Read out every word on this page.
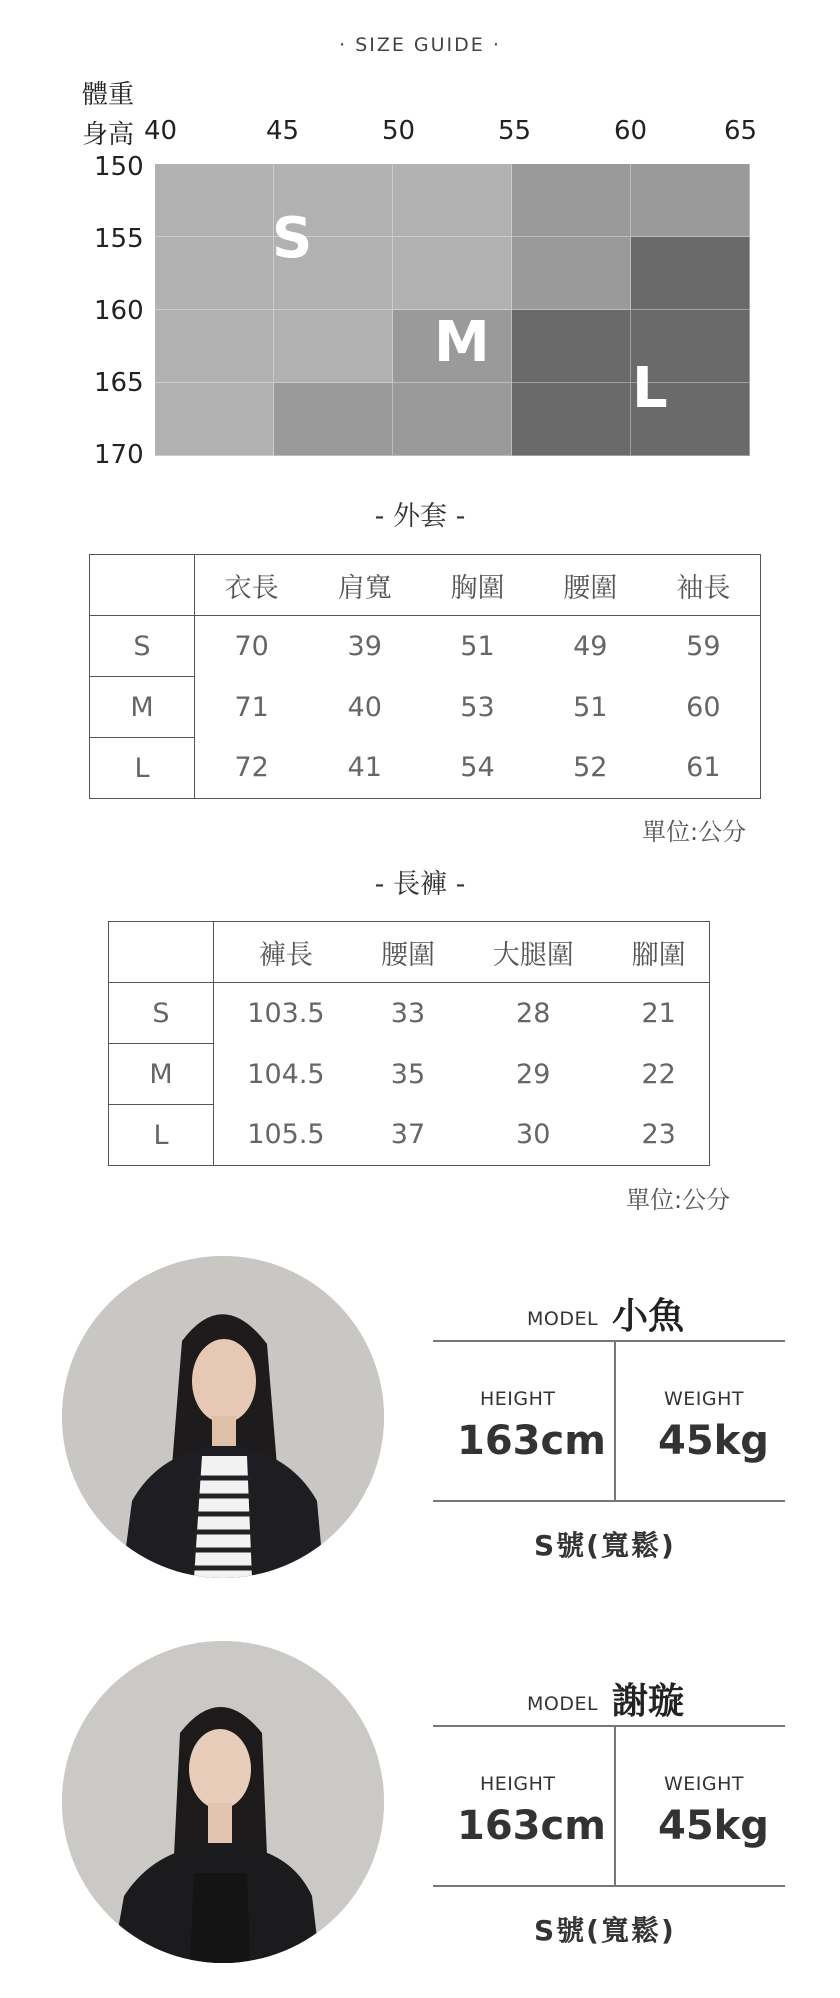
· SIZE GUIDE ·
體重
身高 40	45	50	55	60	65
150
155
160
165
170
S
M
L
- 外套 -
	衣長	肩寬	胸圍	腰圍	袖長
S	70	39	51	49	59
M	71	40	53	51	60
L	72	41	54	52	61
單位:公分
- 長褲 -
	褲長	腰圍	大腿圍	腳圍
S	103.5	33	28	21
M	104.5	35	29	22
L	105.5	37	30	23
單位:公分
MODEL 小魚
HEIGHT
163cm
WEIGHT
45kg
S號(寬鬆)
MODEL 謝璇
HEIGHT
163cm
WEIGHT
45kg
S號(寬鬆)
